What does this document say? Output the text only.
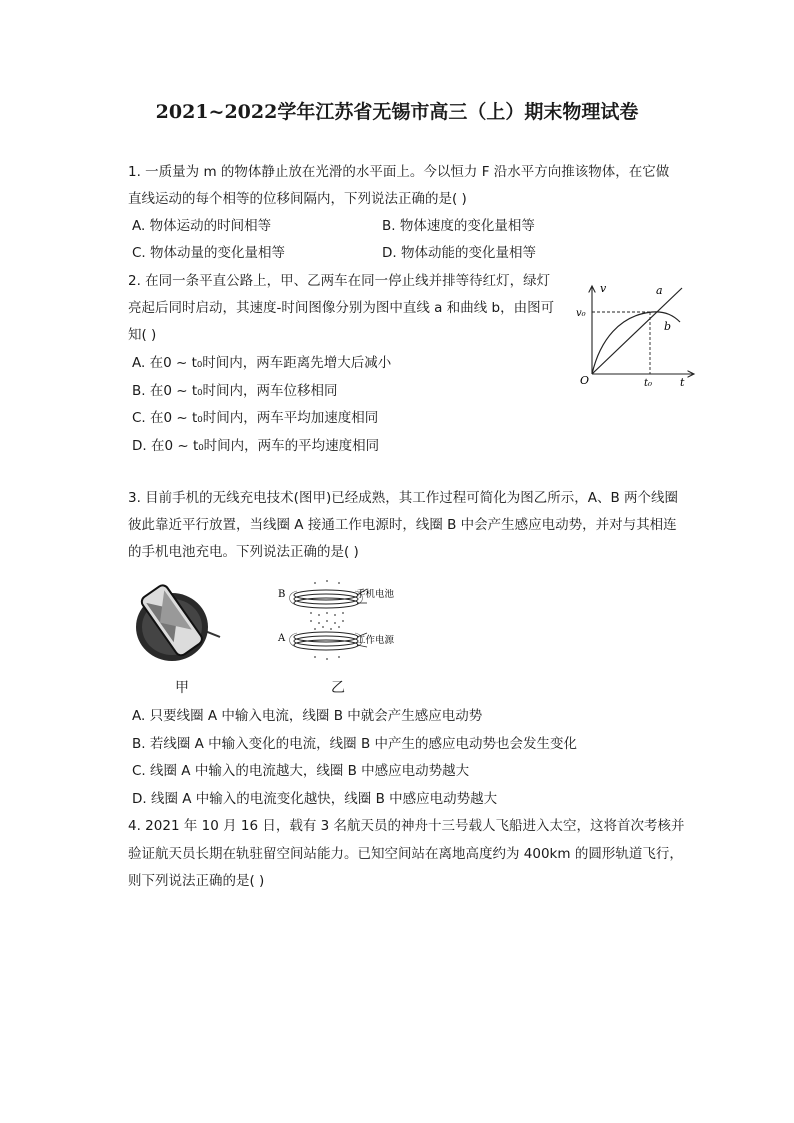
2021~2022学年江苏省无锡市高三（上）期末物理试卷
1. 一质量为 m 的物体静止放在光滑的水平面上。今以恒力 F 沿水平方向推该物体，在它做
直线运动的每个相等的位移间隔内，下列说法正确的是( )
A. 物体运动的时间相等	B. 物体速度的变化量相等
C. 物体动量的变化量相等	D. 物体动能的变化量相等
2. 在同一条平直公路上，甲、乙两车在同一停止线并排等待红灯，绿灯
亮起后同时启动，其速度-时间图像分别为图中直线 a 和曲线 b，由图可
知( )
A. 在0 ~ t₀时间内，两车距离先增大后减小
B. 在0 ~ t₀时间内，两车位移相同
C. 在0 ~ t₀时间内，两车平均加速度相同
D. 在0 ~ t₀时间内，两车的平均速度相同
v	a
v₀
b
O	t₀	t
3. 目前手机的无线充电技术(图甲)已经成熟，其工作过程可简化为图乙所示，A、B 两个线圈
彼此靠近平行放置，当线圈 A 接通工作电源时，线圈 B 中会产生感应电动势，并对与其相连
的手机电池充电。下列说法正确的是( )
B
A
手机电池
工作电源
甲	乙
A. 只要线圈 A 中输入电流，线圈 B 中就会产生感应电动势
B. 若线圈 A 中输入变化的电流，线圈 B 中产生的感应电动势也会发生变化
C. 线圈 A 中输入的电流越大，线圈 B 中感应电动势越大
D. 线圈 A 中输入的电流变化越快，线圈 B 中感应电动势越大
4. 2021 年 10 月 16 日，载有 3 名航天员的神舟十三号载人飞船进入太空，这将首次考核并
验证航天员长期在轨驻留空间站能力。已知空间站在离地高度约为 400km 的圆形轨道飞行，
则下列说法正确的是( )
